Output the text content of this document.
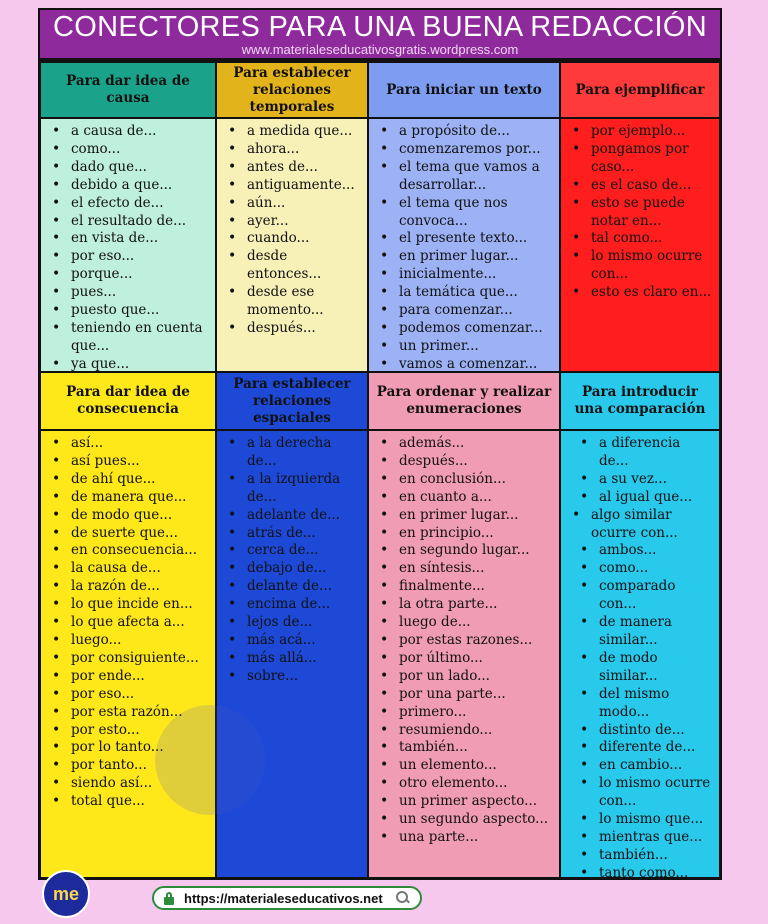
CONECTORES PARA UNA BUENA REDACCIÓN
www.materialeseducativosgratis.wordpress.com
Para dar idea de causa
Para establecer relaciones temporales
Para iniciar un texto	Para ejemplificar
• a causa de...
• como...
• dado que...
• debido a que...
• el efecto de...
• el resultado de...
• en vista de...
• por eso...
• porque...
• pues...
• puesto que...
• teniendo en cuenta que...
• ya que...
• a medida que...
• ahora...
• antes de...
• antiguamente...
• aún...
• ayer...
• cuando...
• desde entonces...
• desde ese momento...
• después...
• a propósito de...
• comenzaremos por...
• el tema que vamos a desarrollar...
• el tema que nos convoca...
• el presente texto...
• en primer lugar...
• inicialmente...
• la temática que...
• para comenzar...
• podemos comenzar...
• un primer...
• vamos a comenzar...
• por ejemplo...
• pongamos por caso...
• es el caso de...
• esto se puede notar en...
• tal como...
• lo mismo ocurre con...
• esto es claro en...
Para dar idea de consecuencia
Para establecer relaciones espaciales
Para ordenar y realizar enumeraciones
Para introducir una comparación
• así...
• así pues...
• de ahí que...
• de manera que...
• de modo que...
• de suerte que...
• en consecuencia...
• la causa de...
• la razón de...
• lo que incide en...
• lo que afecta a...
• luego...
• por consiguiente...
• por ende...
• por eso...
• por esta razón...
• por esto...
• por lo tanto...
• por tanto...
• siendo así...
• total que...
• a la derecha de...
• a la izquierda de...
• adelante de...
• atrás de...
• cerca de...
• debajo de...
• delante de...
• encima de...
• lejos de...
• más acá...
• más allá...
• sobre...
• además...
• después...
• en conclusión...
• en cuanto a...
• en primer lugar...
• en principio...
• en segundo lugar...
• en síntesis...
• finalmente...
• la otra parte...
• luego de...
• por estas razones...
• por último...
• por un lado...
• por una parte...
• primero...
• resumiendo...
• también...
• un elemento...
• otro elemento...
• un primer aspecto...
• un segundo aspecto...
• una parte...
• a diferencia de...
• a su vez...
• al igual que...
• algo similar ocurre con...
• ambos...
• como...
• comparado con...
• de manera similar...
• de modo similar...
• del mismo modo...
• distinto de...
• diferente de...
• en cambio...
• lo mismo ocurre con...
• lo mismo que...
• mientras que...
• también...
• tanto como...
me	https://materialeseducativos.net
